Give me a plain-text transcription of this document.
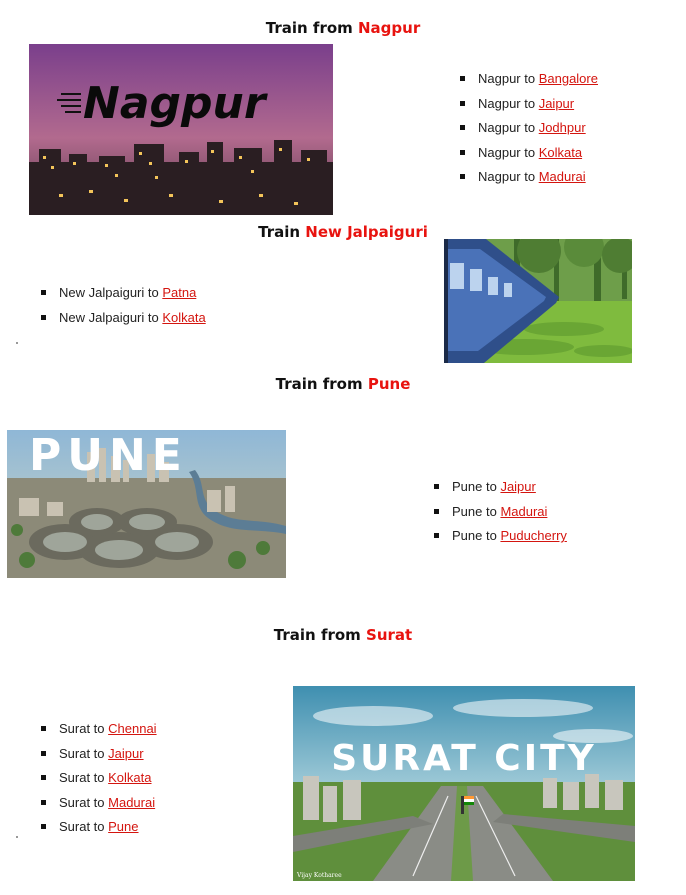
Train from Nagpur
Nagpur	Nagpur to Bangalore
Nagpur to Jaipur
Nagpur to Jodhpur
Nagpur to Kolkata
Nagpur to Madurai
Train New Jalpaiguri
New Jalpaiguri to Patna
New Jalpaiguri to Kolkata
Train from Pune
PUNE
Pune to Jaipur
Pune to Madurai
Pune to Puducherry
Train from Surat
Surat to Chennai
Surat to Jaipur
Surat to Kolkata
Surat to Madurai
Surat to Pune
SURAT CITY
Vijay Kotharee
